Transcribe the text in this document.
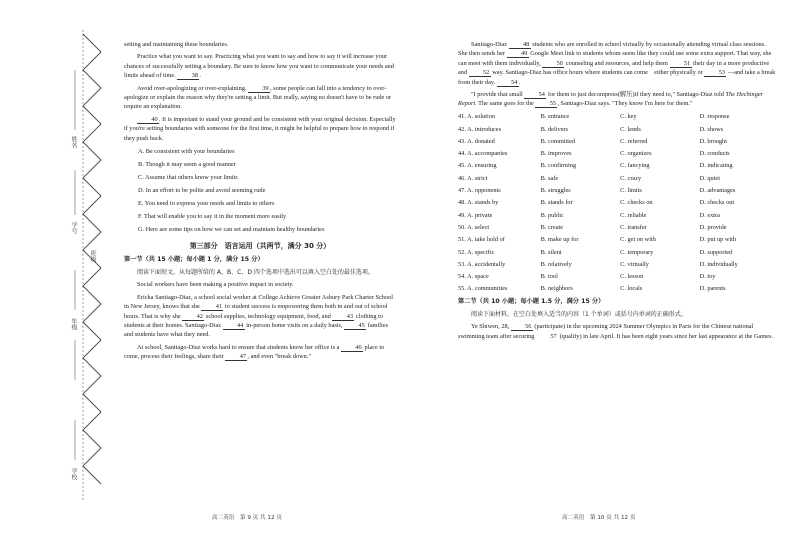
姓名
学号
班级
年级
学校

setting and maintaining these boundaries.

Practice what you want to say. Practicing what you want to say and how to say it will increase your chances of successfully setting a boundary. Be sure to know how you want to communicate your needs and limits ahead of time.	38.

Avoid over-apologizing or over-explaining.	39, some people can fall into a tendency to over-apologize or explain the reason why they're setting a limit. But really, saying no doesn't have to be rude or require an explanation.

40. It is important to stand your ground and be consistent with your original decision. Especially if you're setting boundaries with someone for the first time, it might be helpful to prepare how to respond if they push back.

A. Be consistent with your boundaries

B. Though it may seem a good manner

C. Assume that others know your limits

D. In an effort to be polite and avoid seeming rude

E. You need to express your needs and limits to others

F. That will enable you to say it in the moment more easily

G. Here are some tips on how we can set and maintain healthy boundaries

第三部分　语言运用（共两节，满分 30 分）

第一节（共 15 小题；每小题 1 分，满分 15 分）

阅读下面短文，从每题所给的 A、B、C、D 四个选项中选出可以填入空白处的最佳选项。

Social workers have been making a positive impact in society.

Ericka Santiago-Diaz, a school social worker at College Achieve Greater Asbury Park Charter School in New Jersey, knows that she	41 to student success is empowering them both in and out of school hours. That is why she	42 school supplies, technology equipment, food, and	43 clothing to students at their homes. Santiago-Diaz	44 in-person home visits on a daily basis,	45 families and students have what they need.

At school, Santiago-Diaz works hard to ensure that students know her office is a	46 place to come, process their feelings, share their	47, and even "break down."

高二英语　第 9 页 共 12 页

Santiago-Diaz	48 students who are enrolled in school virtually by occasionally attending virtual class sessions. She then sends her	49 Google Meet link to students whom seem like they could use some extra support. That way, she can meet with them individually,	50 counseling and resources, and help them	51 their day in a more productive and	52 way. Santiago-Diaz has office hours where students can come　either physically or	53 —and take a break from their day.	54.

"I provide that small	54 for them to just decompress(解压)if they need to," Santiago-Diaz told The Hechinger Report. The same goes for the	55, Santiago-Diaz says. "They know I'm here for them."

41. A. solution	B. entrance	C. key	D. response
42. A. introduces	B. delivers	C. lends	D. shows
43. A. donated	B. committed	C. referred	D. brought
44. A. accompanies	B. improves	C. organizes	D. conducts
45. A. ensuring	B. confirming	C. fancying	D. indicating
46. A. strict	B. safe	C. crazy	D. quiet
47. A. opponents	B. struggles	C. limits	D. advantages
48. A. stands by	B. stands for	C. checks on	D. checks out
49. A. private	B. public	C. reliable	D. extra
50. A. select	B. create	C. transfer	D. provide
51. A. take hold of	B. make up for	C. get on with	D. put up with
52. A. specific	B. silent	C. temporary	D. supported
53. A. accidentally	B. relatively	C. virtually	D. individually
54. A. space	B. tool	C. lesson	D. toy
55. A. communities	B. neighbors	C. locals	D. parents

第二节（共 10 小题；每小题 1.5 分，满分 15 分）

阅读下面材料，在空白处填入适当的内容（1 个单词）或括号内单词的正确形式。

Ye Shiwen, 28,	56 (participate) in the upcoming 2024 Summer Olympics in Paris for the Chinese national swimming team after securing	57 (qualify) in late April. It has been eight years since her last appearance at the Games.

高二英语　第 10 页 共 12 页
